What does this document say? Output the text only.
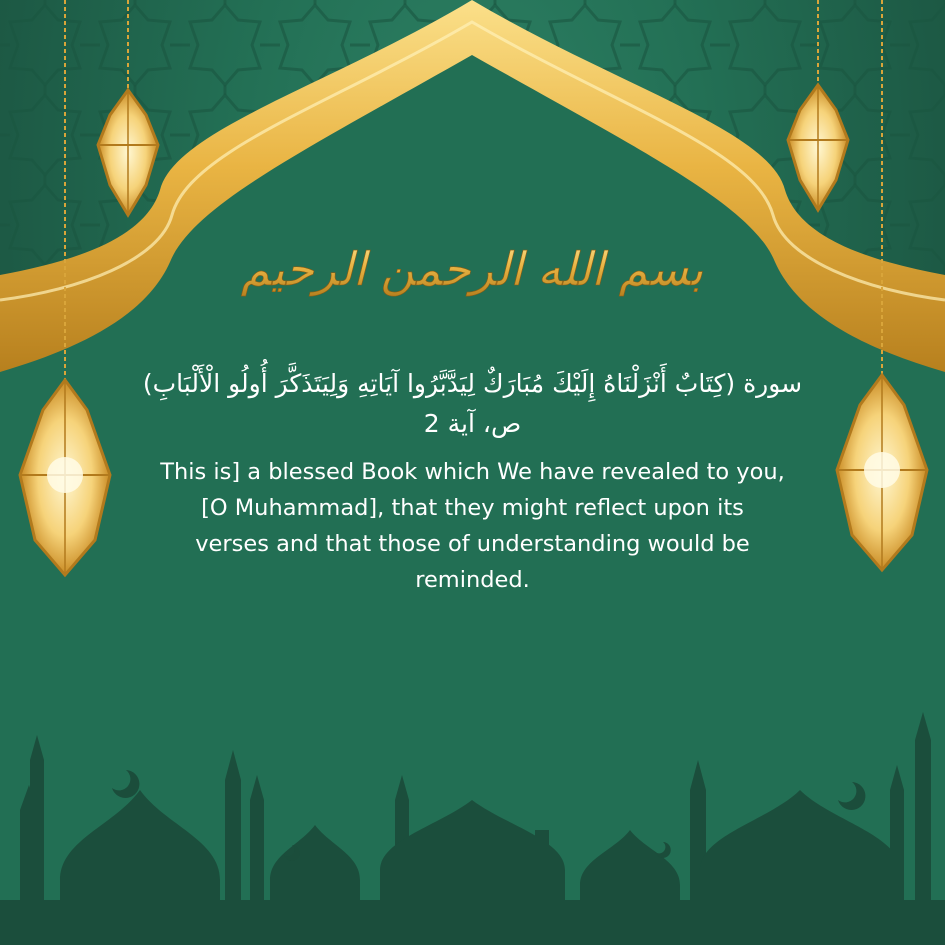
بسم الله الرحمن الرحيم
سورة (كِتَابٌ أَنْزَلْنَاهُ إِلَيْكَ مُبَارَكٌ لِيَدَّبَّرُوا آيَاتِهِ وَلِيَتَذَكَّرَ أُولُو الْأَلْبَابِ)
ص، آية 2
This is] a blessed Book which We have revealed to you,
[O Muhammad], that they might reflect upon its
verses and that those of understanding would be
reminded.
